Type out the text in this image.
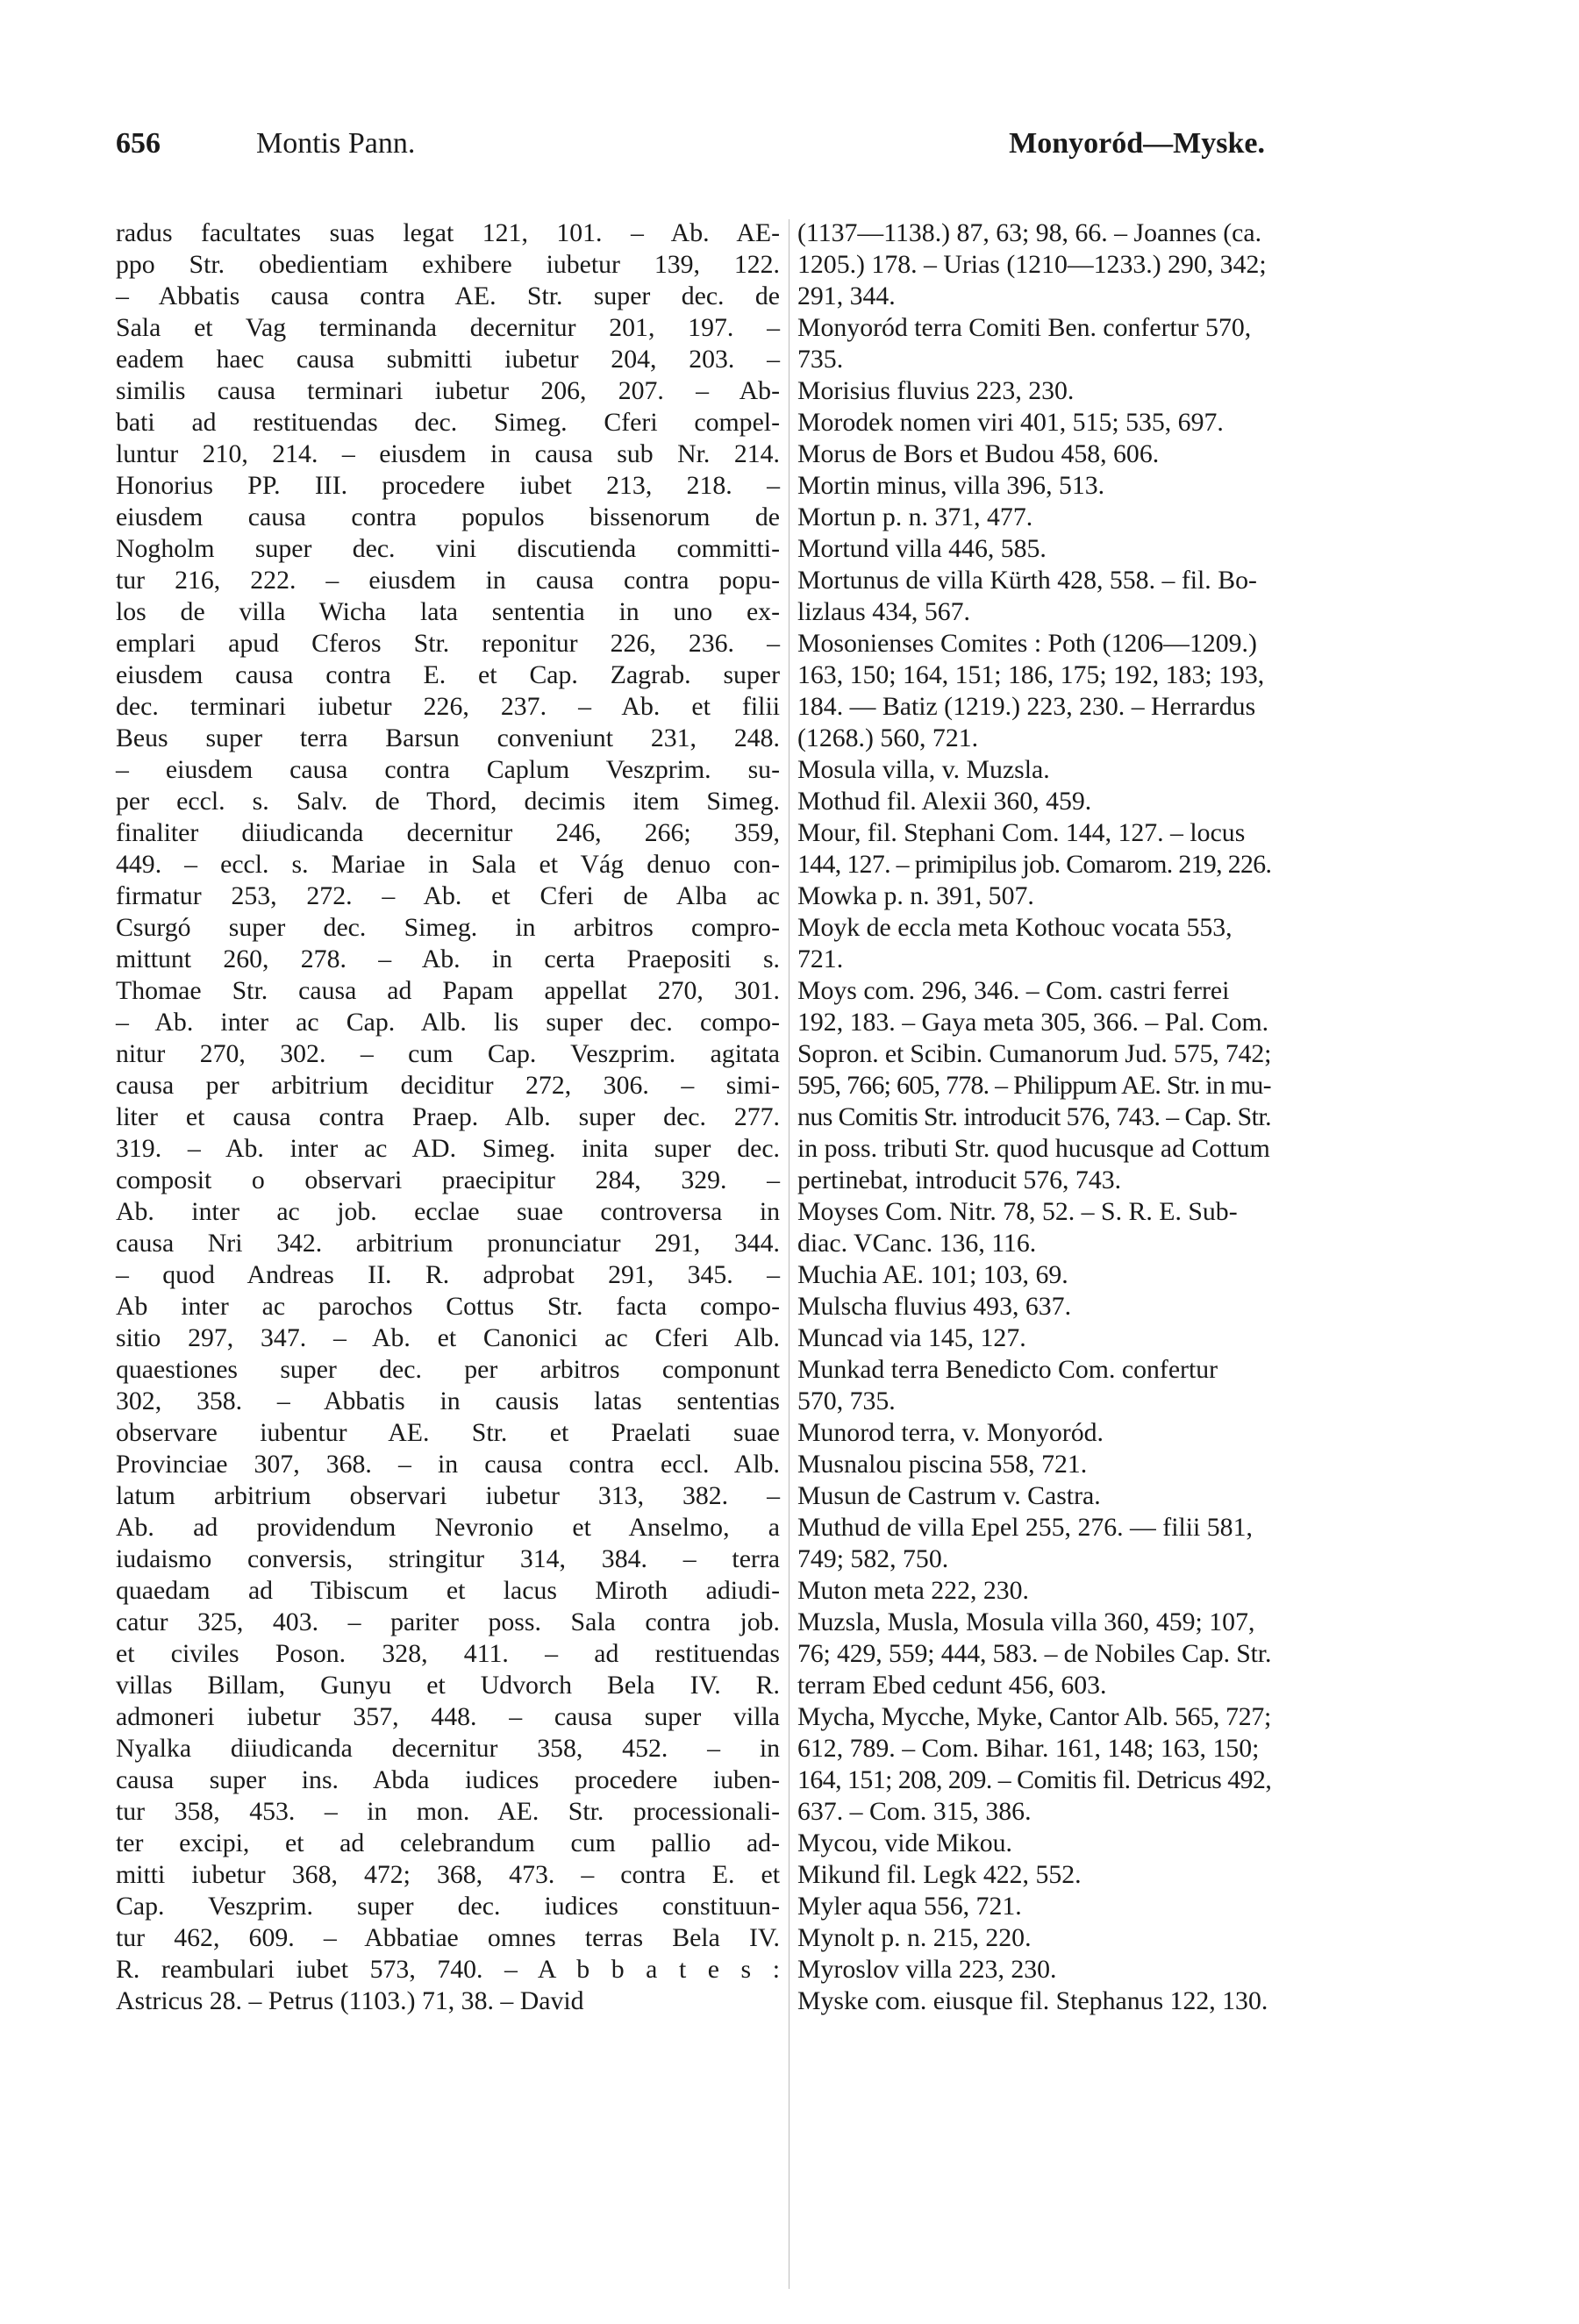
656	Montis Pann.	Monyoród—Myske.
radus facultates suas legat 121, 101. – Ab. AE-
ppo Str. obedientiam exhibere iubetur 139, 122.
– Abbatis causa contra AE. Str. super dec. de
Sala et Vag terminanda decernitur 201, 197. –
eadem haec causa submitti iubetur 204, 203. –
similis causa terminari iubetur 206, 207. – Ab-
bati ad restituendas dec. Simeg. Cferi compel-
luntur 210, 214. – eiusdem in causa sub Nr. 214.
Honorius PP. III. procedere iubet 213, 218. –
eiusdem causa contra populos bissenorum de
Nogholm super dec. vini discutienda committi-
tur 216, 222. – eiusdem in causa contra popu-
los de villa Wicha lata sententia in uno ex-
emplari apud Cferos Str. reponitur 226, 236. –
eiusdem causa contra E. et Cap. Zagrab. super
dec. terminari iubetur 226, 237. – Ab. et filii
Beus super terra Barsun conveniunt 231, 248.
– eiusdem causa contra Caplum Veszprim. su-
per eccl. s. Salv. de Thord, decimis item Simeg.
finaliter diiudicanda decernitur 246, 266; 359,
449. – eccl. s. Mariae in Sala et Vág denuo con-
firmatur 253, 272. – Ab. et Cferi de Alba ac
Csurgó super dec. Simeg. in arbitros compro-
mittunt 260, 278. – Ab. in certa Praepositi s.
Thomae Str. causa ad Papam appellat 270, 301.
– Ab. inter ac Cap. Alb. lis super dec. compo-
nitur 270, 302. – cum Cap. Veszprim. agitata
causa per arbitrium deciditur 272, 306. – simi-
liter et causa contra Praep. Alb. super dec. 277.
319. – Ab. inter ac AD. Simeg. inita super dec.
composit o observari praecipitur 284, 329. –
Ab. inter ac job. ecclae suae controversa in
causa Nri 342. arbitrium pronunciatur 291, 344.
– quod Andreas II. R. adprobat 291, 345. –
Ab inter ac parochos Cottus Str. facta compo-
sitio 297, 347. – Ab. et Canonici ac Cferi Alb.
quaestiones super dec. per arbitros componunt
302, 358. – Abbatis in causis latas sententias
observare iubentur AE. Str. et Praelati suae
Provinciae 307, 368. – in causa contra eccl. Alb.
latum arbitrium observari iubetur 313, 382. –
Ab. ad providendum Nevronio et Anselmo, a
iudaismo conversis, stringitur 314, 384. – terra
quaedam ad Tibiscum et lacus Miroth adiudi-
catur 325, 403. – pariter poss. Sala contra job.
et civiles Poson. 328, 411. – ad restituendas
villas Billam, Gunyu et Udvorch Bela IV. R.
admoneri iubetur 357, 448. – causa super villa
Nyalka diiudicanda decernitur 358, 452. – in
causa super ins. Abda iudices procedere iuben-
tur 358, 453. – in mon. AE. Str. processionali-
ter excipi, et ad celebrandum cum pallio ad-
mitti iubetur 368, 472; 368, 473. – contra E. et
Cap. Veszprim. super dec. iudices constituun-
tur 462, 609. – Abbatiae omnes terras Bela IV.
R. reambulari iubet 573, 740. – A b b a t e s :
Astricus 28. – Petrus (1103.) 71, 38. – David
(1137—1138.) 87, 63; 98, 66. – Joannes (ca.
1205.) 178. – Urias (1210—1233.) 290, 342;
291, 344.
Monyoród terra Comiti Ben. confertur 570,
735.
Morisius fluvius 223, 230.
Morodek nomen viri 401, 515; 535, 697.
Morus de Bors et Budou 458, 606.
Mortin minus, villa 396, 513.
Mortun p. n. 371, 477.
Mortund villa 446, 585.
Mortunus de villa Kürth 428, 558. – fil. Bo-
lizlaus 434, 567.
Mosonienses Comites : Poth (1206—1209.)
163, 150; 164, 151; 186, 175; 192, 183; 193,
184. — Batiz (1219.) 223, 230. – Herrardus
(1268.) 560, 721.
Mosula villa, v. Muzsla.
Mothud fil. Alexii 360, 459.
Mour, fil. Stephani Com. 144, 127. – locus
144, 127. – primipilus job. Comarom. 219, 226.
Mowka p. n. 391, 507.
Moyk de eccla meta Kothouc vocata 553,
721.
Moys com. 296, 346. – Com. castri ferrei
192, 183. – Gaya meta 305, 366. – Pal. Com.
Sopron. et Scibin. Cumanorum Jud. 575, 742;
595, 766; 605, 778. – Philippum AE. Str. in mu-
nus Comitis Str. introducit 576, 743. – Cap. Str.
in poss. tributi Str. quod hucusque ad Cottum
pertinebat, introducit 576, 743.
Moyses Com. Nitr. 78, 52. – S. R. E. Sub-
diac. VCanc. 136, 116.
Muchia AE. 101; 103, 69.
Mulscha fluvius 493, 637.
Muncad via 145, 127.
Munkad terra Benedicto Com. confertur
570, 735.
Munorod terra, v. Monyoród.
Musnalou piscina 558, 721.
Musun de Castrum v. Castra.
Muthud de villa Epel 255, 276. — filii 581,
749; 582, 750.
Muton meta 222, 230.
Muzsla, Musla, Mosula villa 360, 459; 107,
76; 429, 559; 444, 583. – de Nobiles Cap. Str.
terram Ebed cedunt 456, 603.
Mycha, Mycche, Myke, Cantor Alb. 565, 727;
612, 789. – Com. Bihar. 161, 148; 163, 150;
164, 151; 208, 209. – Comitis fil. Detricus 492,
637. – Com. 315, 386.
Mycou, vide Mikou.
Mikund fil. Legk 422, 552.
Myler aqua 556, 721.
Mynolt p. n. 215, 220.
Myroslov villa 223, 230.
Myske com. eiusque fil. Stephanus 122, 130.
